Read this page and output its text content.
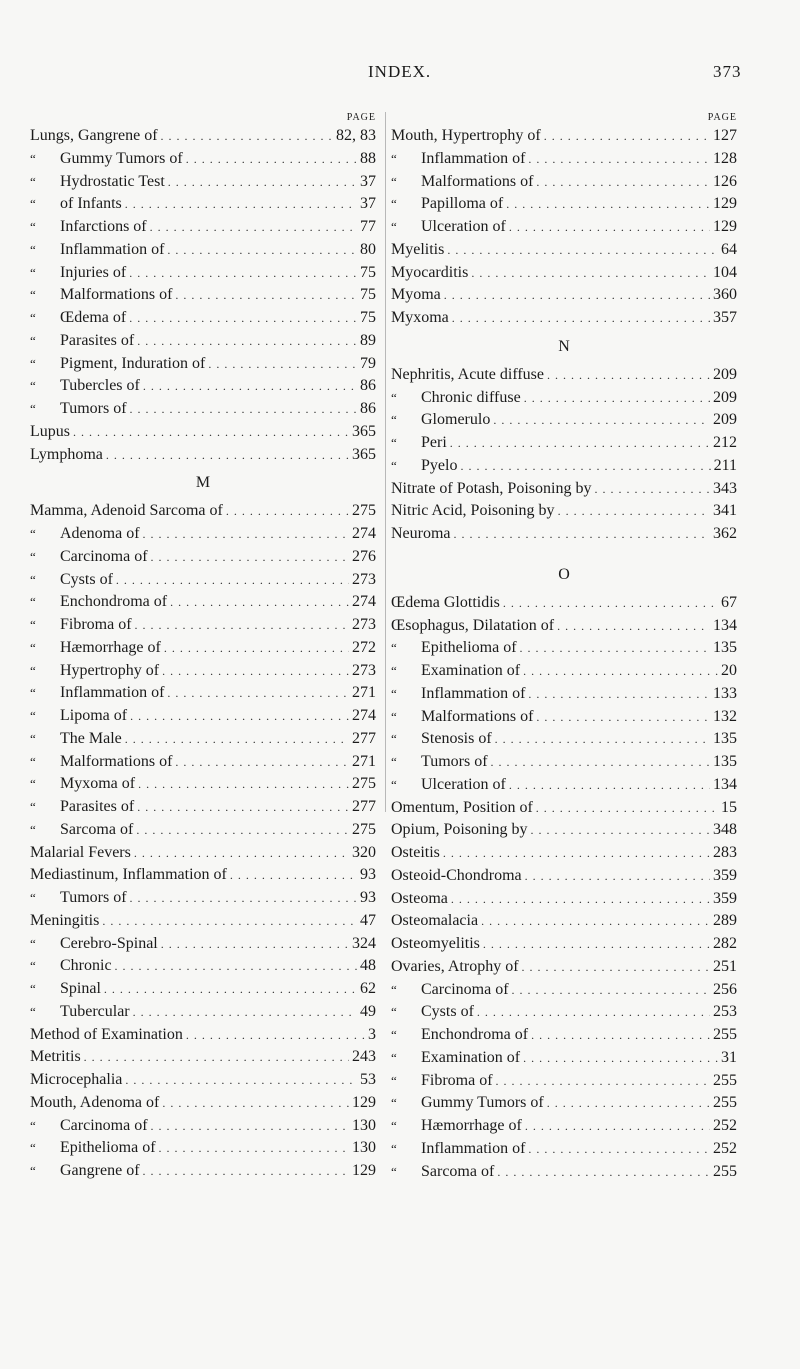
INDEX.	373
PAGE
Lungs, Gangrene of . . .	82, 83
“ Gummy Tumors of . . .	88
“ Hydrostatic Test . . .	37
“ of Infants . . .	37
“ Infarctions of . . .	77
“ Inflammation of . . .	80
“ Injuries of . . .	75
“ Malformations of . . .	75
“ Œdema of . . .	75
“ Parasites of . . .	89
“ Pigment, Induration of . . .	79
“ Tubercles of . . .	86
“ Tumors of . . .	86
Lupus . . .	365
Lymphoma . . .	365
M
Mamma, Adenoid Sarcoma of . . .	275
“ Adenoma of . . .	274
“ Carcinoma of . . .	276
“ Cysts of . . .	273
“ Enchondroma of . . .	274
“ Fibroma of . . .	273
“ Hæmorrhage of . . .	272
“ Hypertrophy of . . .	273
“ Inflammation of . . .	271
“ Lipoma of . . .	274
“ The Male . . .	277
“ Malformations of . . .	271
“ Myxoma of . . .	275
“ Parasites of . . .	277
“ Sarcoma of . . .	275
Malarial Fevers . . .	320
Mediastinum, Inflammation of . . .	93
“ Tumors of . . .	93
Meningitis . . .	47
“ Cerebro-Spinal . . .	324
“ Chronic . . .	48
“ Spinal . . .	62
“ Tubercular . . .	49
Method of Examination . . .	3
Metritis . . .	243
Microcephalia . . .	53
Mouth, Adenoma of . . .	129
“ Carcinoma of . . .	130
“ Epithelioma of . . .	130
“ Gangrene of . . .	129
PAGE
Mouth, Hypertrophy of . . .	127
“ Inflammation of . . .	128
“ Malformations of . . .	126
“ Papilloma of . . .	129
“ Ulceration of . . .	129
Myelitis . . .	64
Myocarditis . . .	104
Myoma . . .	360
Myxoma . . .	357
N
Nephritis, Acute diffuse . . .	209
“ Chronic diffuse . . .	209
“ Glomerulo . . .	209
“ Peri . . .	212
“ Pyelo . . .	211
Nitrate of Potash, Poisoning by . . .	343
Nitric Acid, Poisoning by . . .	341
Neuroma . . .	362
O
Œdema Glottidis . . .	67
Œsophagus, Dilatation of . . .	134
“ Epithelioma of . . .	135
“ Examination of . . .	20
“ Inflammation of . . .	133
“ Malformations of . . .	132
“ Stenosis of . . .	135
“ Tumors of . . .	135
“ Ulceration of . . .	134
Omentum, Position of . . .	15
Opium, Poisoning by . . .	348
Osteitis . . .	283
Osteoid-Chondroma . . .	359
Osteoma . . .	359
Osteomalacia . . .	289
Osteomyelitis . . .	282
Ovaries, Atrophy of . . .	251
“ Carcinoma of . . .	256
“ Cysts of . . .	253
“ Enchondroma of . . .	255
“ Examination of . . .	31
“ Fibroma of . . .	255
“ Gummy Tumors of . . .	255
“ Hæmorrhage of . . .	252
“ Inflammation of . . .	252
“ Sarcoma of . . .	255
